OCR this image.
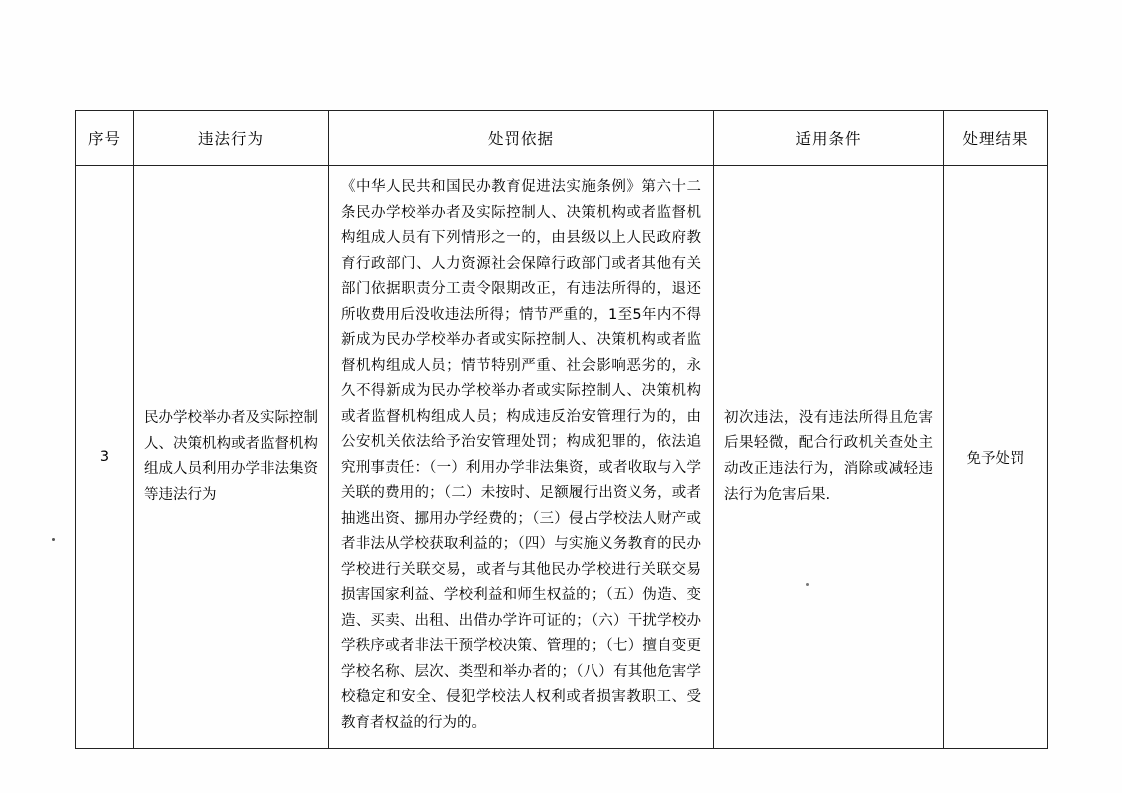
序号	违法行为	处罚依据	适用条件	处理结果
3	民办学校举办者及实际控制人、决策机构或者监督机构组成人员利用办学非法集资等违法行为	《中华人民共和国民办教育促进法实施条例》第六十二条民办学校举办者及实际控制人、决策机构或者监督机构组成人员有下列情形之一的，由县级以上人民政府教育行政部门、人力资源社会保障行政部门或者其他有关部门依据职责分工责令限期改正，有违法所得的，退还所收费用后没收违法所得；情节严重的，1至5年内不得新成为民办学校举办者或实际控制人、决策机构或者监督机构组成人员；情节特别严重、社会影响恶劣的，永久不得新成为民办学校举办者或实际控制人、决策机构或者监督机构组成人员；构成违反治安管理行为的，由公安机关依法给予治安管理处罚；构成犯罪的，依法追究刑事责任：（一）利用办学非法集资，或者收取与入学关联的费用的；（二）未按时、足额履行出资义务，或者抽逃出资、挪用办学经费的；（三）侵占学校法人财产或者非法从学校获取利益的；（四）与实施义务教育的民办学校进行关联交易，或者与其他民办学校进行关联交易损害国家利益、学校利益和师生权益的；（五）伪造、变造、买卖、出租、出借办学许可证的；（六）干扰学校办学秩序或者非法干预学校决策、管理的；（七）擅自变更学校名称、层次、类型和举办者的；（八）有其他危害学校稳定和安全、侵犯学校法人权利或者损害教职工、受教育者权益的行为的。	初次违法，没有违法所得且危害后果轻微，配合行政机关查处主动改正违法行为，消除或减轻违法行为危害后果.	免予处罚
